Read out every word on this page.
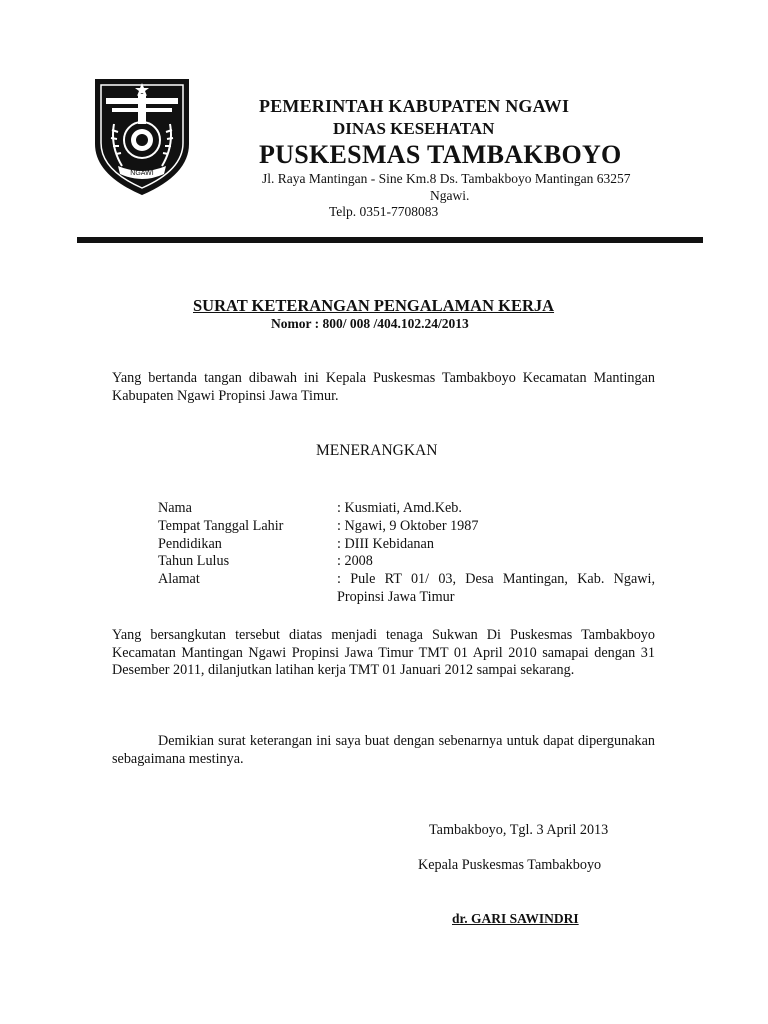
NGAWI
PEMERINTAH KABUPATEN NGAWI
DINAS KESEHATAN
PUSKESMAS TAMBAKBOYO
Jl. Raya Mantingan - Sine Km.8 Ds. Tambakboyo Mantingan 63257
Ngawi.
Telp. 0351-7708083
SURAT KETERANGAN PENGALAMAN KERJA
Nomor : 800/ 008 /404.102.24/2013
Yang bertanda tangan dibawah ini Kepala Puskesmas Tambakboyo Kecamatan Mantingan Kabupaten Ngawi Propinsi Jawa Timur.
MENERANGKAN
Nama	: Kusmiati, Amd.Keb.
Tempat Tanggal Lahir	: Ngawi, 9 Oktober 1987
Pendidikan	: DIII Kebidanan
Tahun Lulus	: 2008
Alamat	: Pule RT 01/ 03, Desa Mantingan, Kab. Ngawi, Propinsi Jawa Timur
Yang bersangkutan tersebut diatas menjadi tenaga Sukwan Di Puskesmas Tambakboyo Kecamatan Mantingan Ngawi Propinsi Jawa Timur TMT 01 April 2010 samapai dengan 31 Desember 2011, dilanjutkan latihan kerja TMT 01 Januari 2012 sampai sekarang.
Demikian surat keterangan ini saya buat dengan sebenarnya untuk dapat dipergunakan sebagaimana mestinya.
Tambakboyo, Tgl. 3 April 2013
Kepala Puskesmas Tambakboyo
dr. GARI SAWINDRI
